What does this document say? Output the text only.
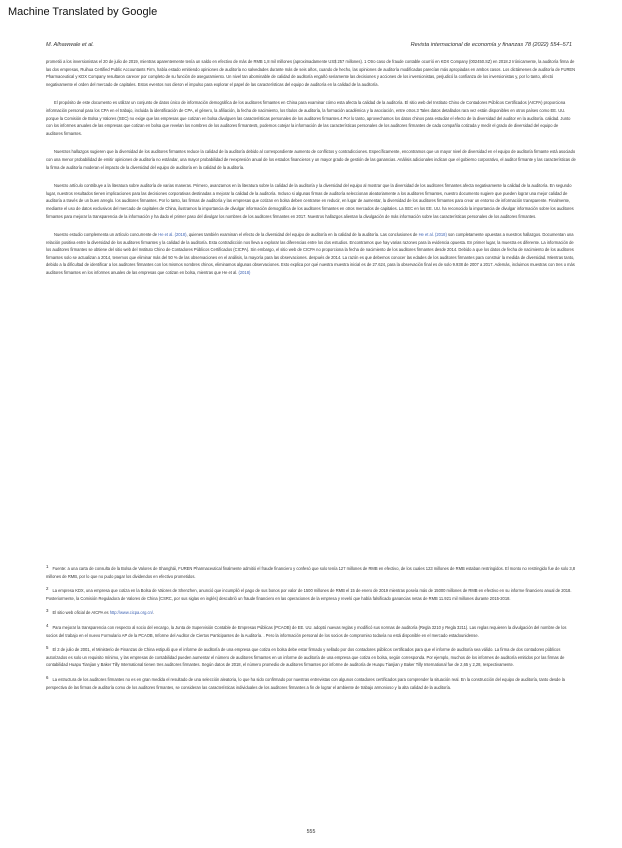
Machine Translated by Google
M. Alhawwale et al.	Revista internacional de economía y finanzas 78 (2022) 554–571

prometió a los inversionistas el 20 de julio de 2019, mientras aparentemente tenía un saldo en efectivo de más de RMB 1,8 mil millones (aproximadamente US$ 257 millones). 1 Otro caso de fraude contable ocurrió en KDX Company (002450.SZ) en 2018.2 Irónicamente, la auditoría firma de las dos empresas, Ruihua Certified Public Accountants Firm, había estado emitiendo opiniones de auditoría no salvedades durante más de seis años, cuando de hecho, las opiniones de auditoría modificadas parecían más apropiadas en ambos casos. Los dictámenes de auditoría de FUREN Pharmaceutical y KDX Company resultaron carecer por completo de su función de aseguramiento. Un nivel tan abominable de calidad de auditoría engañó seriamente las decisiones y acciones de los inversionistas, perjudicó la confianza de los inversionistas y, por lo tanto, afectó negativamente el orden del mercado de capitales. Estos eventos nos dieron el impulso para explorar el papel de las características del equipo de auditoría en la calidad de la auditoría.

El propósito de este documento es utilizar un conjunto de datos único de información demográfica de los auditores firmantes en China para examinar cómo esta afecta la calidad de la auditoría. El sitio web del Instituto Chino de Contadores Públicos Certificados (AICPA) proporciona información personal para los CPA en el trabajo, incluida la identificación de CPA, el género, la afiliación, la fecha de nacimiento, los títulos de auditoría, la formación académica y la asociación, entre otros.3 Tales datos detallados rara vez están disponibles en otros países como EE. UU. porque la Comisión de Bolsa y Valores (SEC) no exige que las empresas que cotizan en bolsa divulguen las características personales de los auditores firmantes.4 Por lo tanto, aprovechamos los datos chinos para estudiar el efecto de la diversidad del auditor en la auditoría. calidad. Junto con los informes anuales de las empresas que cotizan en bolsa que revelan los nombres de los auditores firmantes5, podemos cotejar la información de las características personales de los auditores firmantes de cada compañía cotizada y medir el grado de diversidad del equipo de auditores firmantes.

Nuestros hallazgos sugieren que la diversidad de los auditores firmantes reduce la calidad de la auditoría debido al correspondiente aumento de conflictos y contradicciones. Específicamente, encontramos que un mayor nivel de diversidad en el equipo de auditoría firmante está asociado con una menor probabilidad de emitir opiniones de auditoría no estándar, una mayor probabilidad de reexpresión anual de los estados financieros y un mayor grado de gestión de las ganancias. Análisis adicionales indican que el gobierno corporativo, el auditor firmante y las características de la firma de auditoría moderan el impacto de la diversidad del equipo de auditoría en la calidad de la auditoría.

Nuestro artículo contribuye a la literatura sobre auditoría de varias maneras. Primero, avanzamos en la literatura sobre la calidad de la auditoría y la diversidad del equipo al mostrar que la diversidad de los auditores firmantes afecta negativamente la calidad de la auditoría. En segundo lugar, nuestros resultados tienen implicaciones para las decisiones corporativas destinadas a mejorar la calidad de la auditoría. Incluso si algunas firmas de auditoría seleccionan aleatoriamente a los auditores firmantes, nuestro documento sugiere que pueden lograr una mejor calidad de auditoría a través de un buen arreglo. los auditores firmantes. Por lo tanto, las firmas de auditoría y las empresas que cotizan en bolsa deben centrarse en reducir, en lugar de aumentar, la diversidad de los auditores firmantes para crear un entorno de información transparente. Finalmente, mediante el uso de datos exclusivos del mercado de capitales de China, ilustramos la importancia de divulgar información demográfica de los auditores firmantes en otros mercados de capitales. La SEC en los EE. UU. ha reconocido la importancia de divulgar información sobre los auditores firmantes para mejorar la transparencia de la información y ha dado el primer paso del divulgar los nombres de los auditores firmantes en 2017. Nuestros hallazgos alientan la divulgación de más información sobre las características personales de los auditores firmantes.

Nuestro estudio complementa un artículo concurrente de He et al. (2018), quienes también examinan el efecto de la diversidad del equipo de auditoría en la calidad de la auditoría. Las conclusiones de He et al. (2018) son completamente opuestas a nuestros hallazgos. Documentan una relación positiva entre la diversidad de los auditores firmantes y la calidad de la auditoría. Esta contradicción nos lleva a explorar las diferencias entre los dos estudios. Encontramos que hay varias razones para la evidencia opuesta. En primer lugar, la muestra es diferente. La información de los auditores firmantes se obtiene del sitio web del Instituto Chino de Contadores Públicos Certificados (CICPA). Sin embargo, el sitio web de CICPA no proporciona la fecha de nacimiento de los auditores firmantes desde 2014. Debido a que los datos de fecha de nacimiento de los auditores firmantes solo se actualizan a 2014, tenemos que eliminar más del 50 % de las observaciones en el análisis, la mayoría para las observaciones. después de 2014. La razón es que debemos conocer las edades de los auditores firmantes para construir la medida de diversidad. Mientras tanto, debido a la dificultad de identificar a los auditores firmantes con los mismos nombres chinos, eliminamos algunas observaciones. Esto explica por qué nuestra muestra inicial es de 27.624, para la observación final es de solo 9.938 de 2007 a 2017. Además, incluimos muestras con tres o más auditores firmantes en los informes anuales de las empresas que cotizan en bolsa, mientras que He et al. (2018)

$^1$ Fuente: a una carta de consulta de la Bolsa de Valores de Shanghái, FUREN Pharmaceutical finalmente admitió el fraude financiero y confesó que solo tenía 127 millones de RMB en efectivo, de los cuales 123 millones de RMB estaban restringidos. El monto no restringido fue de solo 3,8 millones de RMB, por lo que no pudo pagar los dividendos en efectivo prometidos.

$^2$ La empresa KDX, una empresa que cotiza en la Bolsa de Valores de Shenzhen, anunció que incumplió el pago de sus bonos por valor de 1500 millones de RMB el 15 de enero de 2019 mientras poseía más de 15000 millones de RMB en efectivo en su informe financiero anual de 2018. Posteriormente, la Comisión Reguladora de Valores de China (CSRC, por sus siglas en inglés) descubrió un fraude financiero en las operaciones de la empresa y reveló que había falsificado ganancias netas de RMB 11.921 mil millones durante 2015-2018.

$^3$ El sitio web oficial de AICPA es http://www.cicpa.org.cn/.

$^4$ Para mejorar la transparencia con respecto al socio del encargo, la Junta de Supervisión Contable de Empresas Públicas (PCAOB) de EE. UU. adoptó nuevas reglas y modificó sus normas de auditoría (Regla 3210 y Regla 3211). Las reglas requieren la divulgación del nombre de los socios del trabajo en el nuevo Formulario AP de la PCAOB, Informe del Auditor de Ciertos Participantes de la Auditoría. . Pero la información personal de los socios de compromiso todavía no está disponible en el mercado estadounidense.

$^5$ El 2 de julio de 2001, el Ministerio de Finanzas de China estipuló que el informe de auditoría de una empresa que cotiza en bolsa debe estar firmado y sellado por dos contadores públicos certificados para que el informe de auditoría sea válido. La firma de dos contadores públicos autorizados es solo un requisito mínimo, y las empresas de contabilidad pueden aumentar el número de auditores firmantes en un informe de auditoría de una empresa que cotiza en bolsa, según corresponda. Por ejemplo, muchos de los informes de auditoría emitidos por las firmas de contabilidad Huapu Tianjian y Baker Tilly International tienen tres auditores firmantes. Según datos de 2018, el número promedio de auditores firmantes por informe de auditoría de Huapu Tianjian y Baker Tilly International fue de 2,65 y 2,28, respectivamente.

$^6$ La estructura de los auditores firmantes no es en gran medida el resultado de una selección aleatoria, lo que ha sido confirmado por nuestras entrevistas con algunos contadores certificados para comprender la situación real. En la construcción del equipo de auditoría, tanto desde la perspectiva de las firmas de auditoría como de los auditores firmantes, se consideran las características individuales de los auditores firmantes a fin de lograr el ambiente de trabajo armonioso y la alta calidad de la auditoría.

555
